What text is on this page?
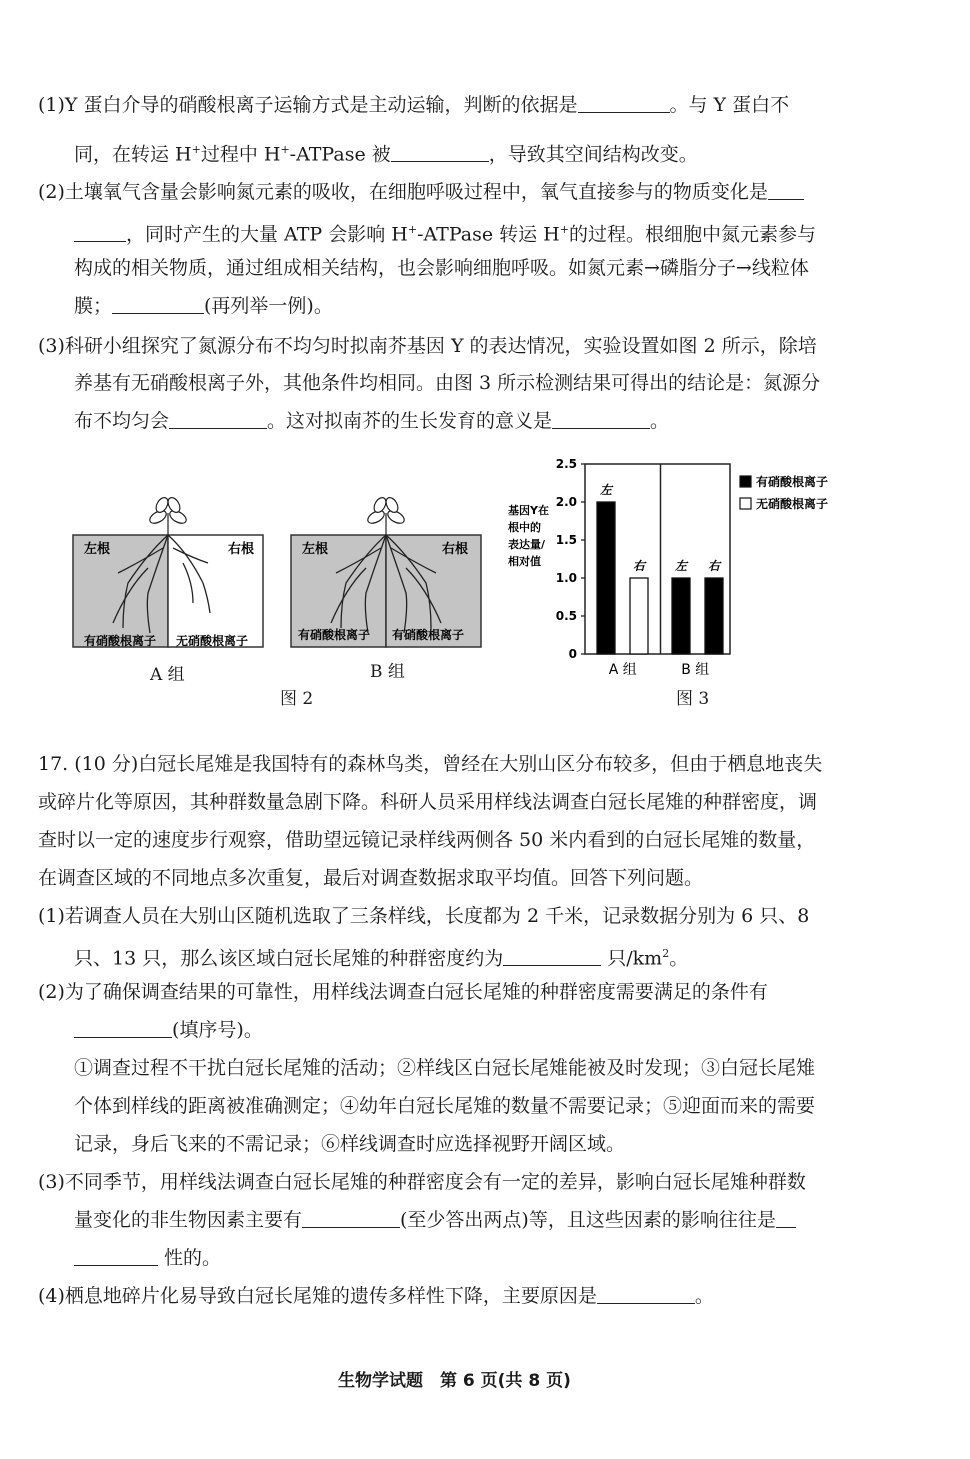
(1)Y 蛋白介导的硝酸根离子运输方式是主动运输，判断的依据是	。与 Y 蛋白不
同，在转运 H+过程中 H+-ATPase 被	，导致其空间结构改变。
(2)土壤氧气含量会影响氮元素的吸收，在细胞呼吸过程中，氧气直接参与的物质变化是
，同时产生的大量 ATP 会影响 H+-ATPase 转运 H+的过程。根细胞中氮元素参与
构成的相关物质，通过组成相关结构，也会影响细胞呼吸。如氮元素→磷脂分子→线粒体
膜；	(再列举一例)。
(3)科研小组探究了氮源分布不均匀时拟南芥基因 Y 的表达情况，实验设置如图 2 所示，除培
养基有无硝酸根离子外，其他条件均相同。由图 3 所示检测结果可得出的结论是：氮源分
布不均匀会	。这对拟南芥的生长发育的意义是	。
左根	右根
有硝酸根离子 无硝酸根离子
A 组
左根	右根
有硝酸根离子 有硝酸根离子
B 组
图 2
基因Y在
根中的
表达量/
相对值
0
0.5
1.0
1.5
2.0
2.5
左
右 左 右
A 组	B 组
有硝酸根离子
无硝酸根离子
图 3
17. (10 分)白冠长尾雉是我国特有的森林鸟类，曾经在大别山区分布较多，但由于栖息地丧失
或碎片化等原因，其种群数量急剧下降。科研人员采用样线法调查白冠长尾雉的种群密度，调
查时以一定的速度步行观察，借助望远镜记录样线两侧各 50 米内看到的白冠长尾雉的数量，
在调查区域的不同地点多次重复，最后对调查数据求取平均值。回答下列问题。
(1)若调查人员在大别山区随机选取了三条样线，长度都为 2 千米，记录数据分别为 6 只、8
只、13 只，那么该区域白冠长尾雉的种群密度约为	只$/km^2$。
(2)为了确保调查结果的可靠性，用样线法调查白冠长尾雉的种群密度需要满足的条件有
(填序号)。
①调查过程不干扰白冠长尾雉的活动；②样线区白冠长尾雉能被及时发现；③白冠长尾雉
个体到样线的距离被准确测定；④幼年白冠长尾雉的数量不需要记录；⑤迎面而来的需要
记录，身后飞来的不需记录；⑥样线调查时应选择视野开阔区域。
(3)不同季节，用样线法调查白冠长尾雉的种群密度会有一定的差异，影响白冠长尾雉种群数
量变化的非生物因素主要有	(至少答出两点)等，且这些因素的影响往往是
性的。
(4)栖息地碎片化易导致白冠长尾雉的遗传多样性下降，主要原因是	。
生物学试题　第 6 页(共 8 页)
